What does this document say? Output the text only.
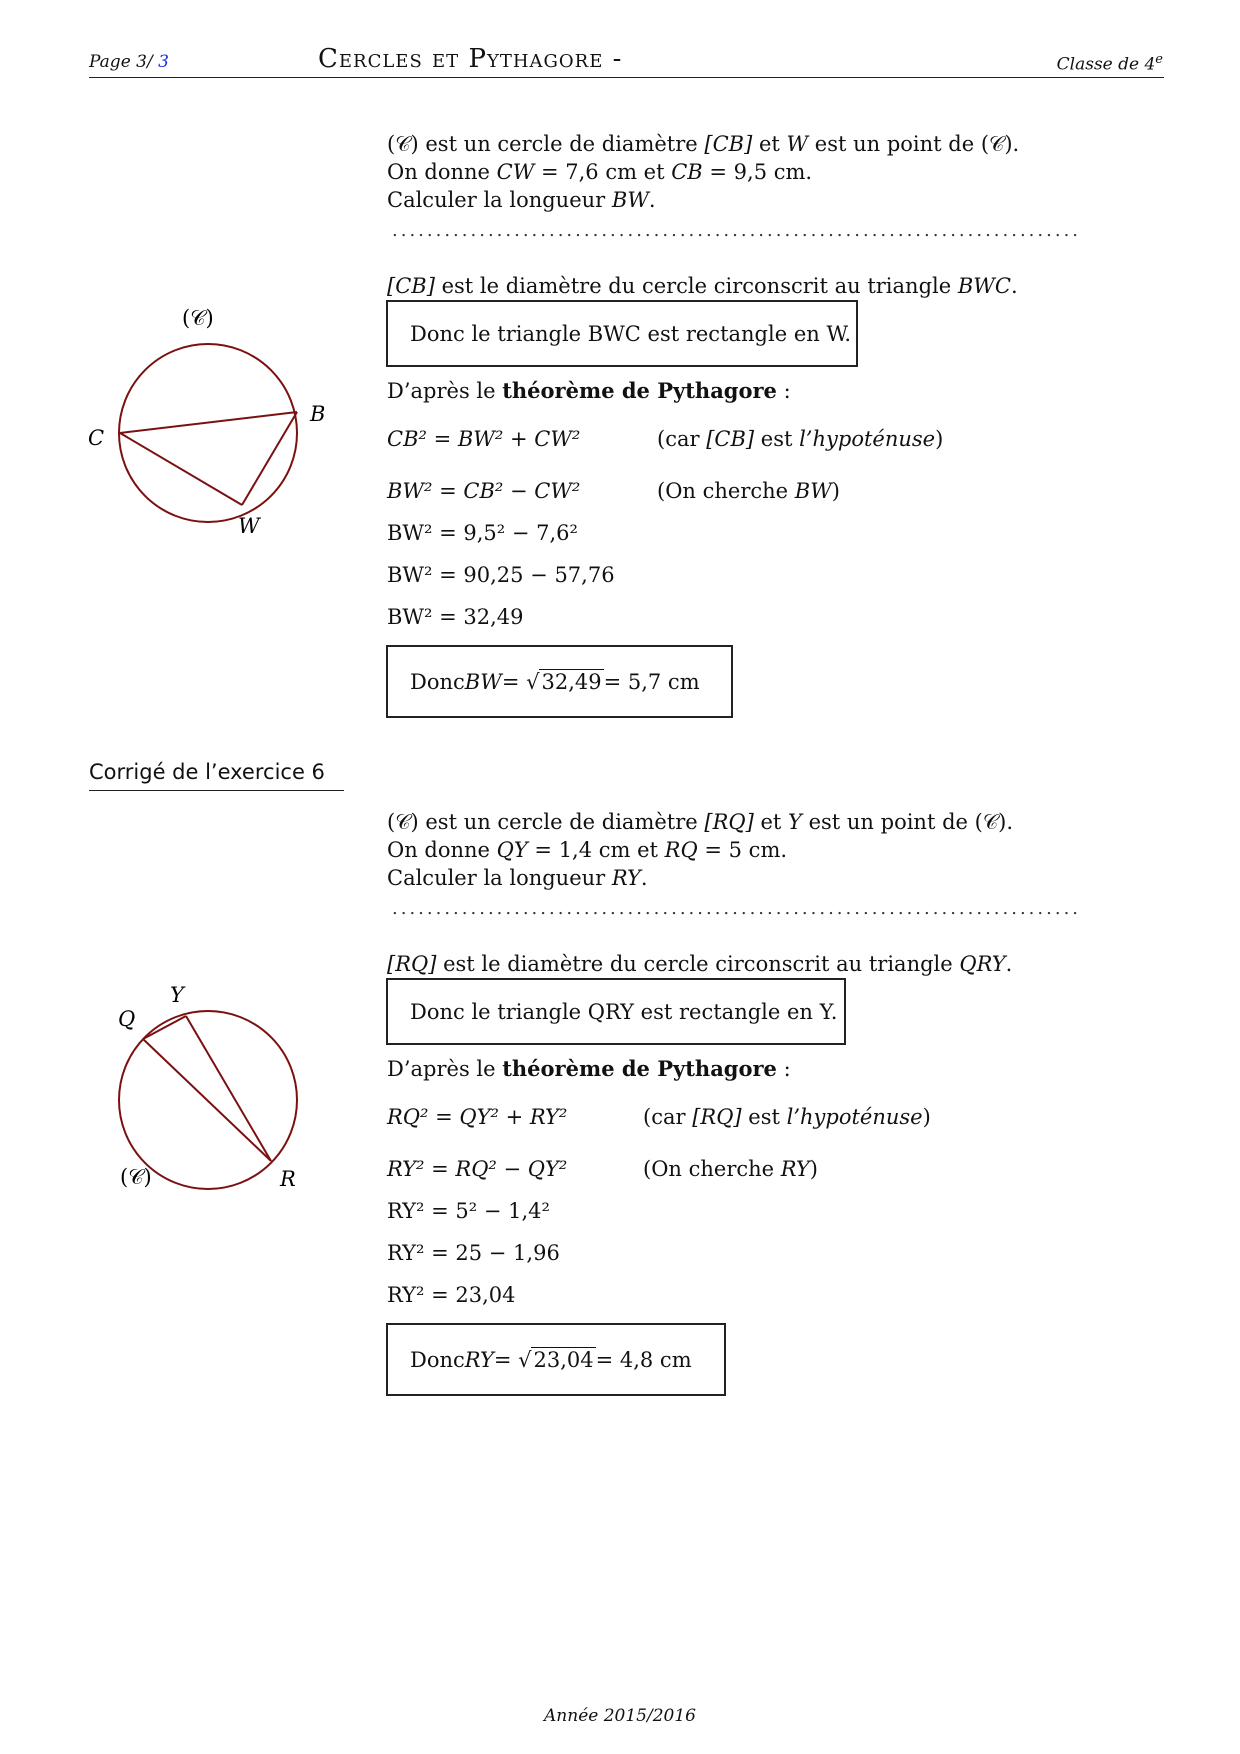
Page 3/ 3	Cercles et Pythagore -	Classe de 4e
(𝒞) est un cercle de diamètre [CB] et W est un point de (𝒞).
On donne CW = 7,6 cm et CB = 9,5 cm.
Calculer la longueur BW.
...............................................................................
[CB] est le diamètre du cercle circonscrit au triangle BWC.
Donc le triangle BWC est rectangle en W.
D’après le théorème de Pythagore :
CB² = BW² + CW²	(car [CB] est l’hypoténuse)
BW² = CB² − CW²	(On cherche BW)
BW² = 9,5² − 7,6²
BW² = 90,25 − 57,76
BW² = 32,49
Donc BW = √ 32,49 = 5,7 cm
(𝒞)
C
B
W
Corrigé de l’exercice 6
(𝒞) est un cercle de diamètre [RQ] et Y est un point de (𝒞).
On donne QY = 1,4 cm et RQ = 5 cm.
Calculer la longueur RY.
...............................................................................
[RQ] est le diamètre du cercle circonscrit au triangle QRY.
Donc le triangle QRY est rectangle en Y.
D’après le théorème de Pythagore :
RQ² = QY² + RY²	(car [RQ] est l’hypoténuse)
RY² = RQ² − QY²	(On cherche RY)
RY² = 5² − 1,4²
RY² = 25 − 1,96
RY² = 23,04
Donc RY = √ 23,04 = 4,8 cm
Q
Y
R
(𝒞)
Année 2015/2016
